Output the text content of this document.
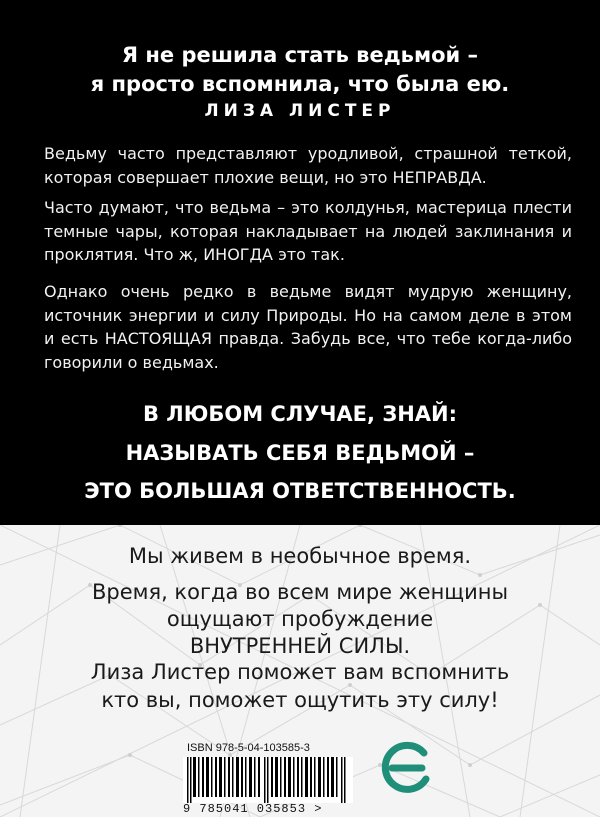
Я не решила стать ведьмой –
я просто вспомнила, что была ею.
ЛИЗА ЛИСТЕР
Ведьму часто представляют уродливой, страшной теткой, которая совершает плохие вещи, но это НЕПРАВДА.
Часто думают, что ведьма – это колдунья, мастерица плести темные чары, которая накладывает на людей заклинания и проклятия. Что ж, ИНОГДА это так.
Однако очень редко в ведьме видят мудрую женщину, источник энергии и силу Природы. Но на самом деле в этом и есть НАСТОЯЩАЯ правда. Забудь все, что тебе когда-либо говорили о ведьмах.
В ЛЮБОМ СЛУЧАЕ, ЗНАЙ:
НАЗЫВАТЬ СЕБЯ ВЕДЬМОЙ –
ЭТО БОЛЬШАЯ ОТВЕТСТВЕННОСТЬ.
Мы живем в необычное время.
Время, когда во всем мире женщины
ощущают пробуждение
ВНУТРЕННЕЙ СИЛЫ.
Лиза Листер поможет вам вспомнить
кто вы, поможет ощутить эту силу!
ISBN 978-5-04-103585-3
9 785041 035853 >
